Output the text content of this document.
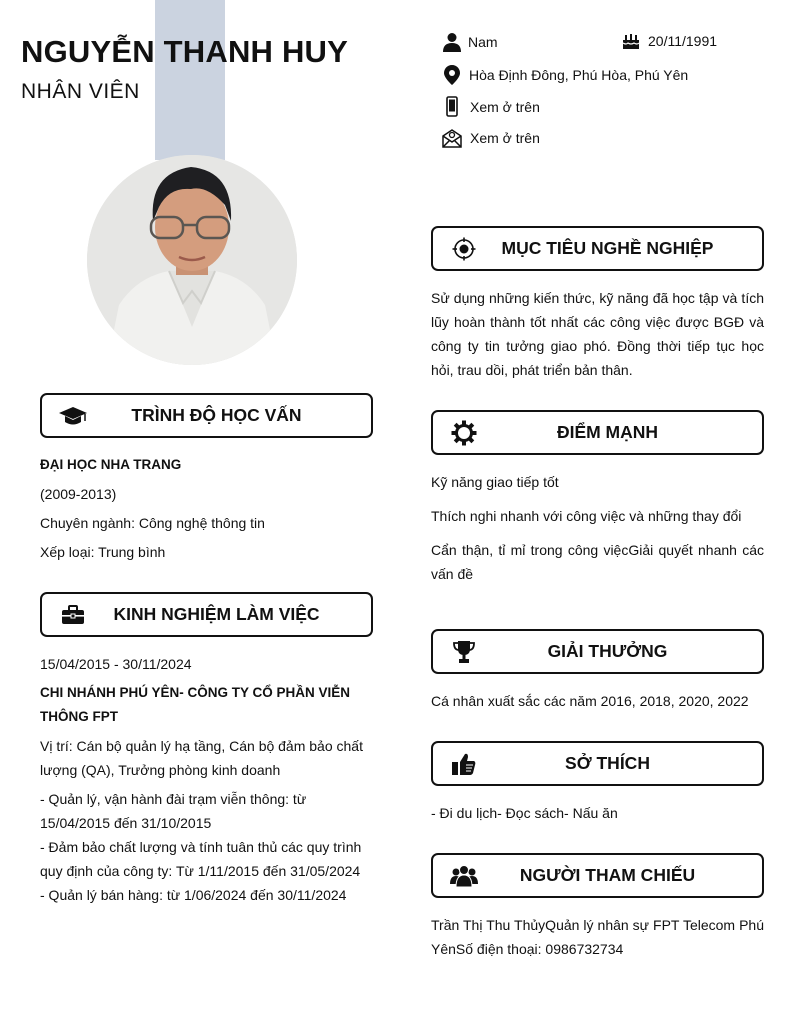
NGUYỄN THANH HUY
NHÂN VIÊN
Nam	20/11/1991
Hòa Định Đông, Phú Hòa, Phú Yên
Xem ở trên
Xem ở trên
TRÌNH ĐỘ HỌC VẤN
ĐẠI HỌC NHA TRANG
(2009-2013)
Chuyên ngành: Công nghệ thông tin
Xếp loại: Trung bình
KINH NGHIỆM LÀM VIỆC
15/04/2015 - 30/11/2024
CHI NHÁNH PHÚ YÊN- CÔNG TY CỔ PHẦN VIỄN THÔNG FPT
Vị trí: Cán bộ quản lý hạ tầng, Cán bộ đảm bảo chất lượng (QA), Trưởng phòng kinh doanh
- Quản lý, vận hành đài trạm viễn thông: từ 15/04/2015 đến 31/10/2015
- Đảm bảo chất lượng và tính tuân thủ các quy trình quy định của công ty: Từ 1/11/2015 đến 31/05/2024
- Quản lý bán hàng: từ 1/06/2024 đến 30/11/2024
MỤC TIÊU NGHỀ NGHIỆP
Sử dụng những kiến thức, kỹ năng đã học tập và tích lũy hoàn thành tốt nhất các công việc được BGĐ và công ty tin tưởng giao phó. Đồng thời tiếp tục học hỏi, trau dồi, phát triển bản thân.
ĐIỂM MẠNH
Kỹ năng giao tiếp tốt
Thích nghi nhanh với công việc và những thay đổi
Cẩn thận, tỉ mỉ trong công việcGiải quyết nhanh các vấn đề
GIẢI THƯỞNG
Cá nhân xuất sắc các năm 2016, 2018, 2020, 2022
SỞ THÍCH
- Đi du lịch- Đọc sách- Nấu ăn
NGƯỜI THAM CHIẾU
Trần Thị Thu ThủyQuản lý nhân sự FPT Telecom Phú YênSố điện thoại: 0986732734
